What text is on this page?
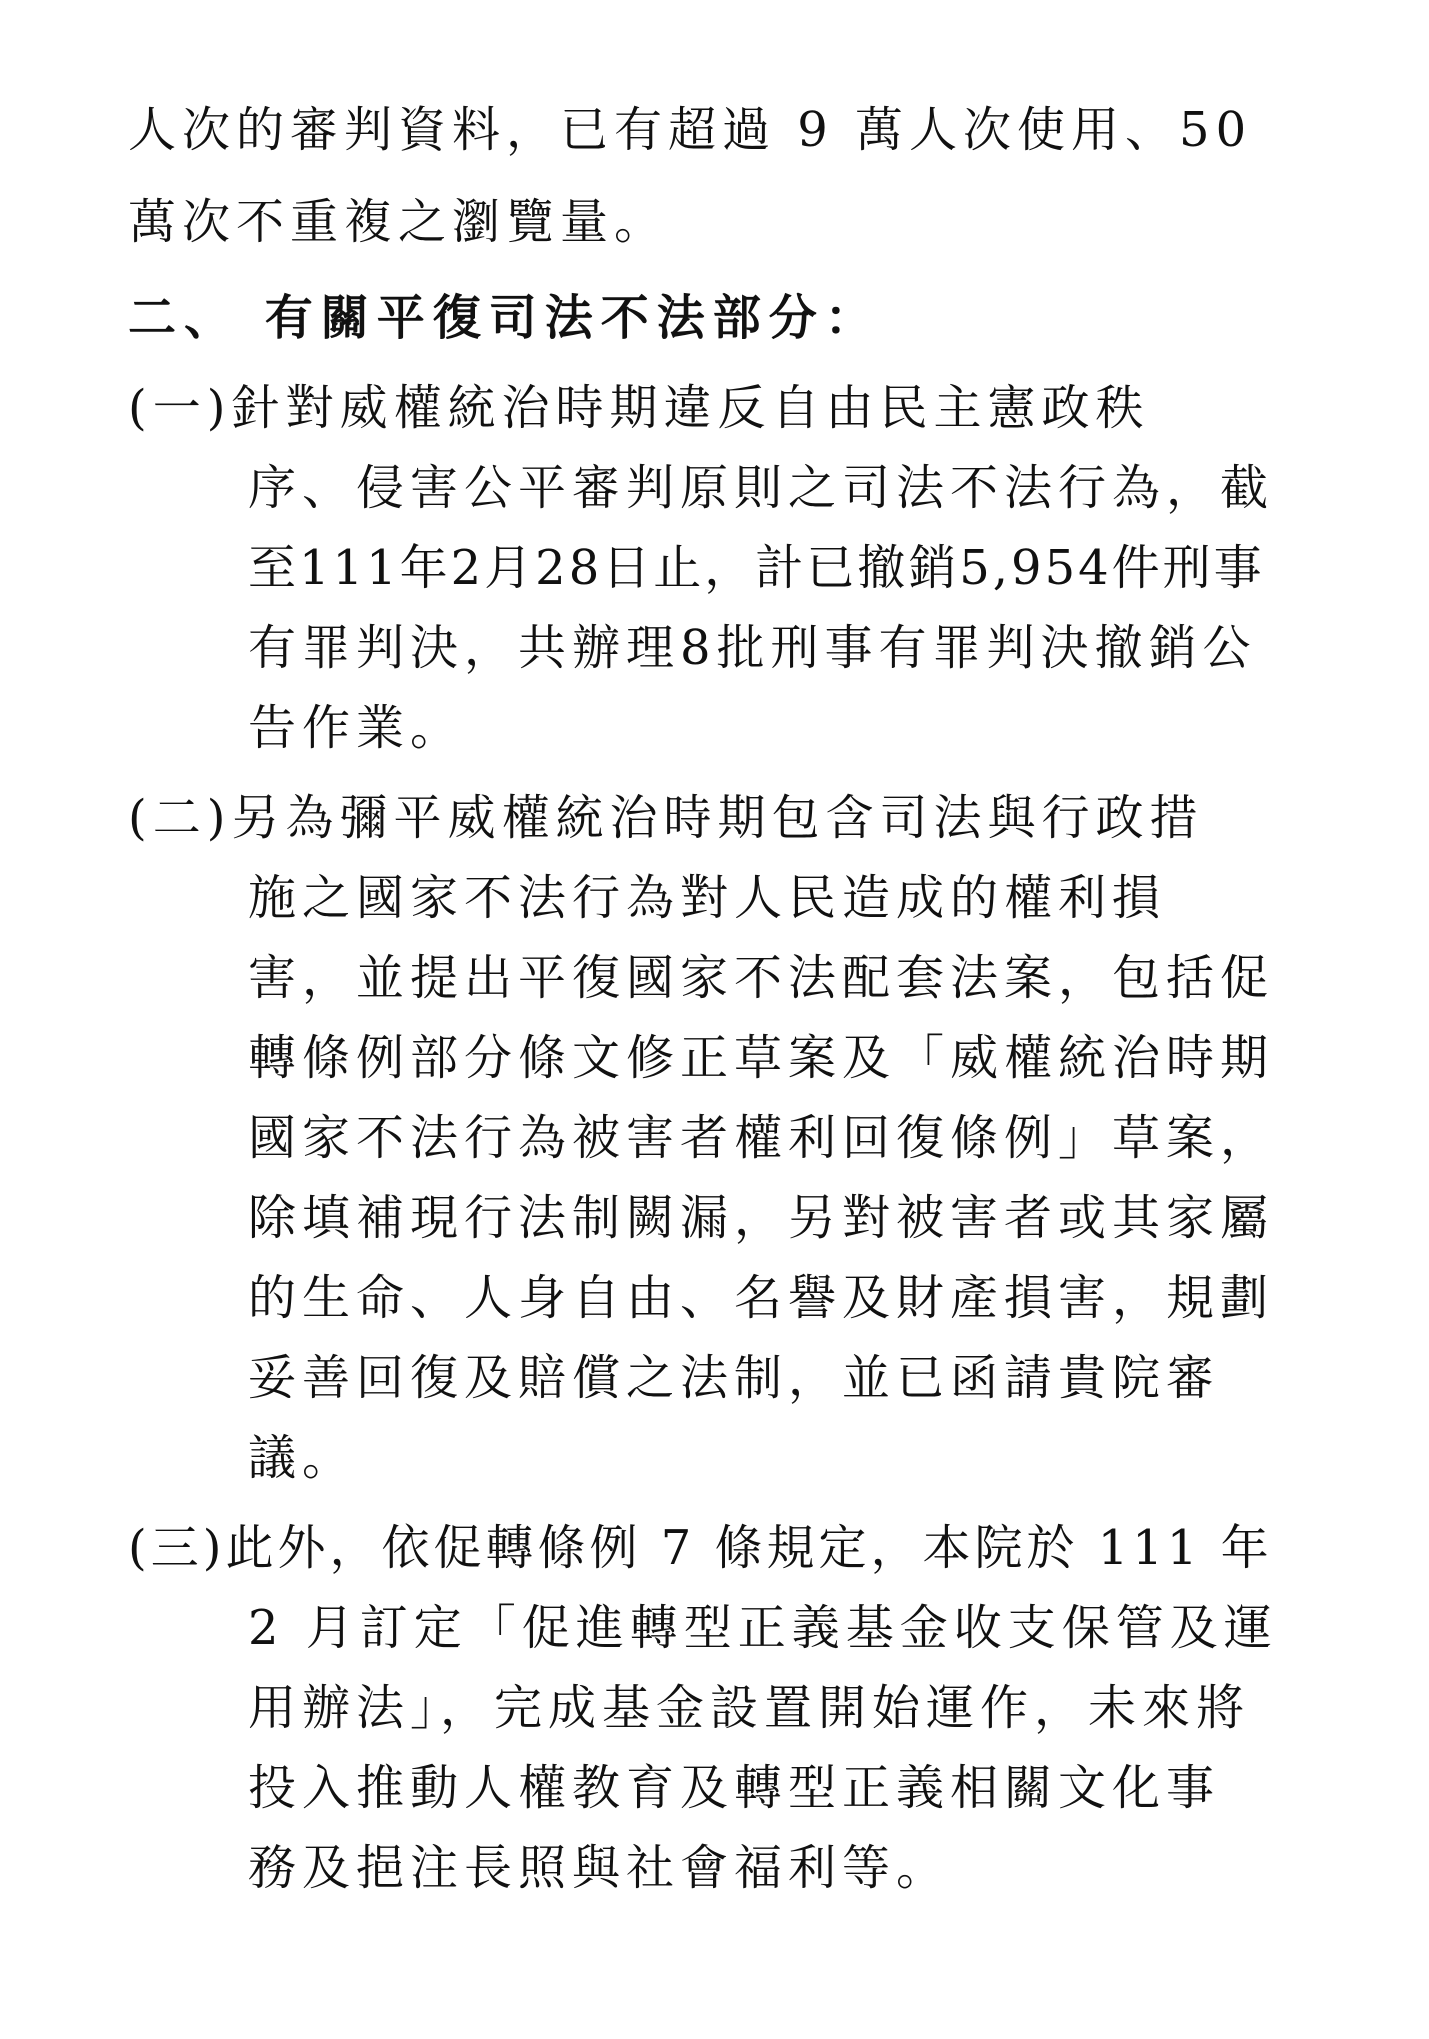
人次的審判資料，已有超過 9 萬人次使用、50
萬次不重複之瀏覽量。
二、 有關平復司法不法部分：
(一)針對威權統治時期違反自由民主憲政秩
序、侵害公平審判原則之司法不法行為，截
至111年2月28日止，計已撤銷5,954件刑事
有罪判決，共辦理8批刑事有罪判決撤銷公
告作業。
(二)另為彌平威權統治時期包含司法與行政措
施之國家不法行為對人民造成的權利損
害，並提出平復國家不法配套法案，包括促
轉條例部分條文修正草案及「威權統治時期
國家不法行為被害者權利回復條例」草案，
除填補現行法制闕漏，另對被害者或其家屬
的生命、人身自由、名譽及財產損害，規劃
妥善回復及賠償之法制，並已函請貴院審
議。
(三)此外，依促轉條例 7 條規定，本院於 111 年
2 月訂定「促進轉型正義基金收支保管及運
用辦法」，完成基金設置開始運作，未來將
投入推動人權教育及轉型正義相關文化事
務及挹注長照與社會福利等。
